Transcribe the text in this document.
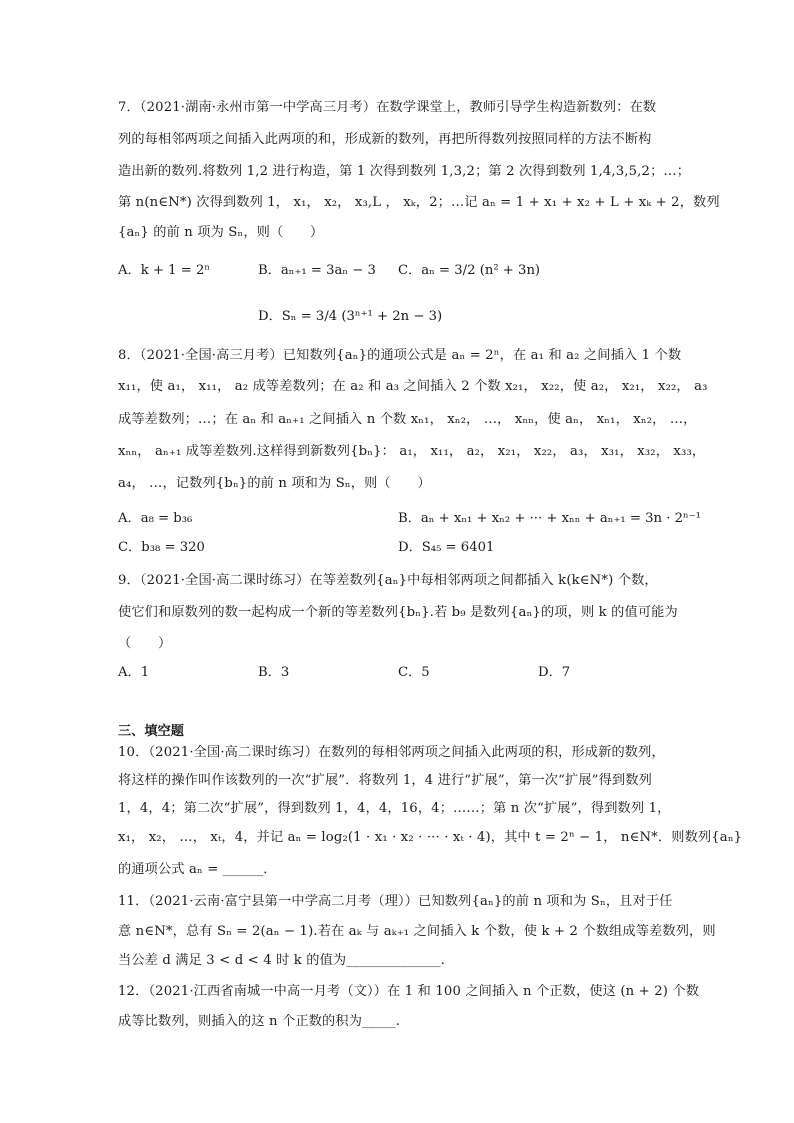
7．（2021·湖南·永州市第一中学高三月考）在数学课堂上，教师引导学生构造新数列：在数
列的每相邻两项之间插入此两项的和，形成新的数列，再把所得数列按照同样的方法不断构
造出新的数列.将数列 1,2 进行构造，第 1 次得到数列 1,3,2；第 2 次得到数列 1,4,3,5,2；…；
第 n(n∈N*) 次得到数列 1， x₁， x₂， x₃,L ， xₖ，2；…记 aₙ = 1 + x₁ + x₂ + L + xₖ + 2，数列
{aₙ} 的前 n 项为 Sₙ，则（　　）
A．k + 1 = 2ⁿ	B．aₙ₊₁ = 3aₙ − 3 C．aₙ = 3/2 (n² + 3n)
D．Sₙ = 3/4 (3ⁿ⁺¹ + 2n − 3)
8．（2021·全国·高三月考）已知数列{aₙ}的通项公式是 aₙ = 2ⁿ，在 a₁ 和 a₂ 之间插入 1 个数
x₁₁，使 a₁， x₁₁， a₂ 成等差数列；在 a₂ 和 a₃ 之间插入 2 个数 x₂₁， x₂₂，使 a₂， x₂₁， x₂₂， a₃
成等差数列；…；在 aₙ 和 aₙ₊₁ 之间插入 n 个数 xₙ₁， xₙ₂， …， xₙₙ，使 aₙ， xₙ₁， xₙ₂， …，
xₙₙ， aₙ₊₁ 成等差数列.这样得到新数列{bₙ}： a₁， x₁₁， a₂， x₂₁， x₂₂， a₃， x₃₁， x₃₂， x₃₃，
a₄， …，记数列{bₙ}的前 n 项和为 Sₙ，则（　　）
A．a₈ = b₃₆	B．aₙ + xₙ₁ + xₙ₂ + ··· + xₙₙ + aₙ₊₁ = 3n · 2ⁿ⁻¹
C．b₃₈ = 320	D．S₄₅ = 6401
9．（2021·全国·高二课时练习）在等差数列{aₙ}中每相邻两项之间都插入 k(k∈N*) 个数，
使它们和原数列的数一起构成一个新的等差数列{bₙ}.若 b₉ 是数列{aₙ}的项，则 k 的值可能为
（　　）
A．1	B．3	C．5	D．7
三、填空题
10．（2021·全国·高二课时练习）在数列的每相邻两项之间插入此两项的积，形成新的数列，
将这样的操作叫作该数列的一次“扩展”．将数列 1，4 进行“扩展”，第一次“扩展”得到数列
1，4，4；第二次“扩展”，得到数列 1，4，4，16，4；……；第 n 次“扩展”，得到数列 1，
x₁， x₂， …， xₜ，4，并记 aₙ = log₂(1 · x₁ · x₂ · ··· · xₜ · 4)，其中 t = 2ⁿ − 1， n∈N*．则数列{aₙ}
的通项公式 aₙ = ______．
11．（2021·云南·富宁县第一中学高二月考（理））已知数列{aₙ}的前 n 项和为 Sₙ，且对于任
意 n∈N*，总有 Sₙ = 2(aₙ − 1).若在 aₖ 与 aₖ₊₁ 之间插入 k 个数，使 k + 2 个数组成等差数列，则
当公差 d 满足 3 < d < 4 时 k 的值为______________.
12．（2021·江西省南城一中高一月考（文））在 1 和 100 之间插入 n 个正数，使这 (n + 2) 个数
成等比数列，则插入的这 n 个正数的积为_____.
